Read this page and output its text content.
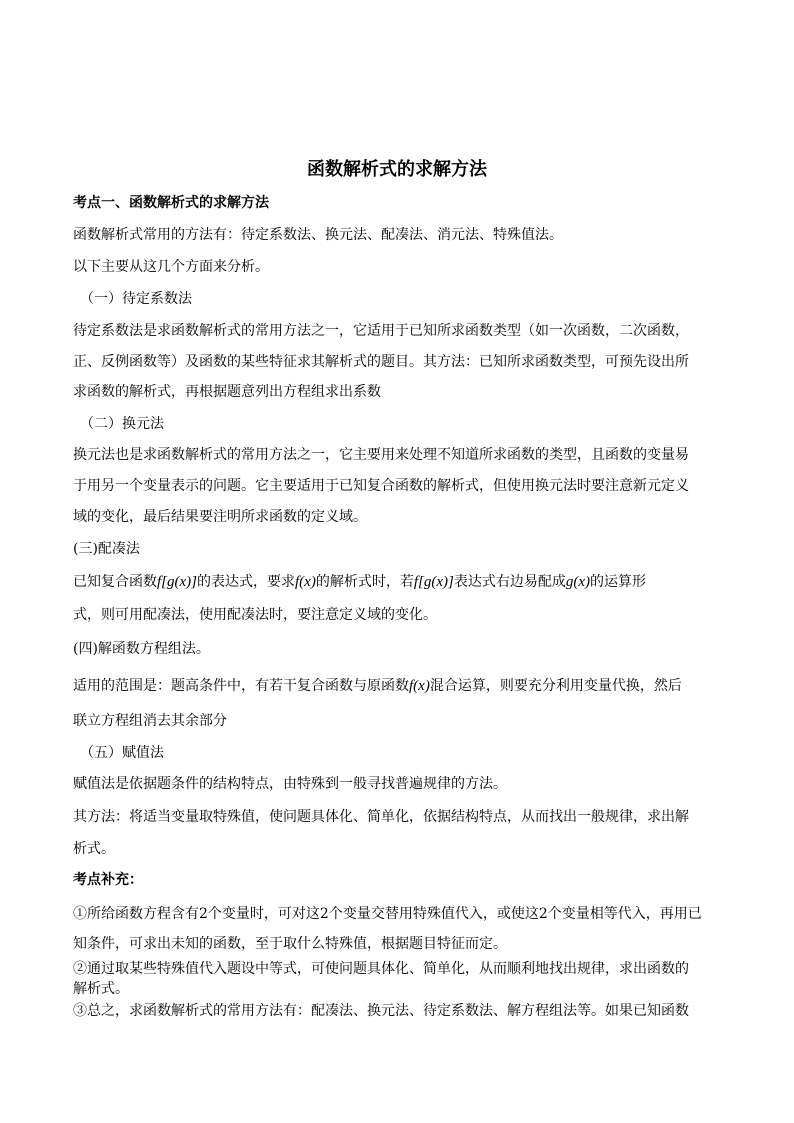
函数解析式的求解方法
考点一、函数解析式的求解方法
函数解析式常用的方法有：待定系数法、换元法、配凑法、消元法、特殊值法。
以下主要从这几个方面来分析。
（一）待定系数法
待定系数法是求函数解析式的常用方法之一，它适用于已知所求函数类型（如一次函数，二次函数，
正、反例函数等）及函数的某些特征求其解析式的题目。其方法：已知所求函数类型，可预先设出所
求函数的解析式，再根据题意列出方程组求出系数
（二）换元法
换元法也是求函数解析式的常用方法之一，它主要用来处理不知道所求函数的类型，且函数的变量易
于用另一个变量表示的问题。它主要适用于已知复合函数的解析式，但使用换元法时要注意新元定义
域的变化，最后结果要注明所求函数的定义域。
(三)配凑法
已知复合函数f[g(x)]的表达式，要求f(x)的解析式时，若f[g(x)]表达式右边易配成g(x)的运算形
式，则可用配凑法，使用配凑法时，要注意定义域的变化。
(四)解函数方程组法。
适用的范围是：题高条件中，有若干复合函数与原函数f(x)混合运算，则要充分利用变量代换，然后
联立方程组消去其余部分
（五）赋值法
赋值法是依据题条件的结构特点，由特殊到一般寻找普遍规律的方法。
其方法：将适当变量取特殊值，使问题具体化、简单化，依据结构特点，从而找出一般规律，求出解
析式。
考点补充：
①所给函数方程含有2个变量时，可对这2个变量交替用特殊值代入，或使这2个变量相等代入，再用已
知条件，可求出未知的函数，至于取什么特殊值，根据题目特征而定。
②通过取某些特殊值代入题设中等式，可使问题具体化、简单化，从而顺利地找出规律，求出函数的
解析式。
③总之，求函数解析式的常用方法有：配凑法、换元法、待定系数法、解方程组法等。如果已知函数
